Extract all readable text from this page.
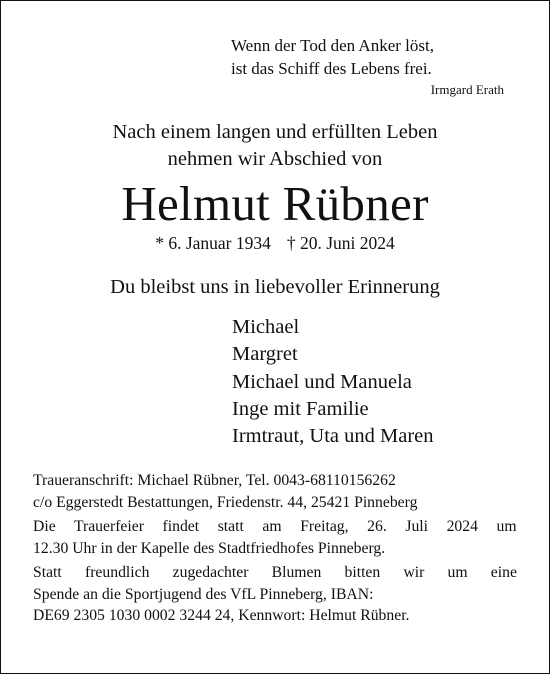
Wenn der Tod den Anker löst,
ist das Schiff des Lebens frei.
Irmgard Erath
Nach einem langen und erfüllten Leben
nehmen wir Abschied von
Helmut Rübner
* 6. Januar 1934 † 20. Juni 2024
Du bleibst uns in liebevoller Erinnerung
Michael
Margret
Michael und Manuela
Inge mit Familie
Irmtraut, Uta und Maren

Traueranschrift: Michael Rübner, Tel. 0043-68110156262
c/o Eggerstedt Bestattungen, Friedenstr. 44, 25421 Pinneberg

Die Trauerfeier findet statt am Freitag, 26. Juli 2024 um
12.30 Uhr in der Kapelle des Stadtfriedhofes Pinneberg.

Statt freundlich zugedachter Blumen bitten wir um eine
Spende an die Sportjugend des VfL Pinneberg, IBAN:
DE69 2305 1030 0002 3244 24, Kennwort: Helmut Rübner.
